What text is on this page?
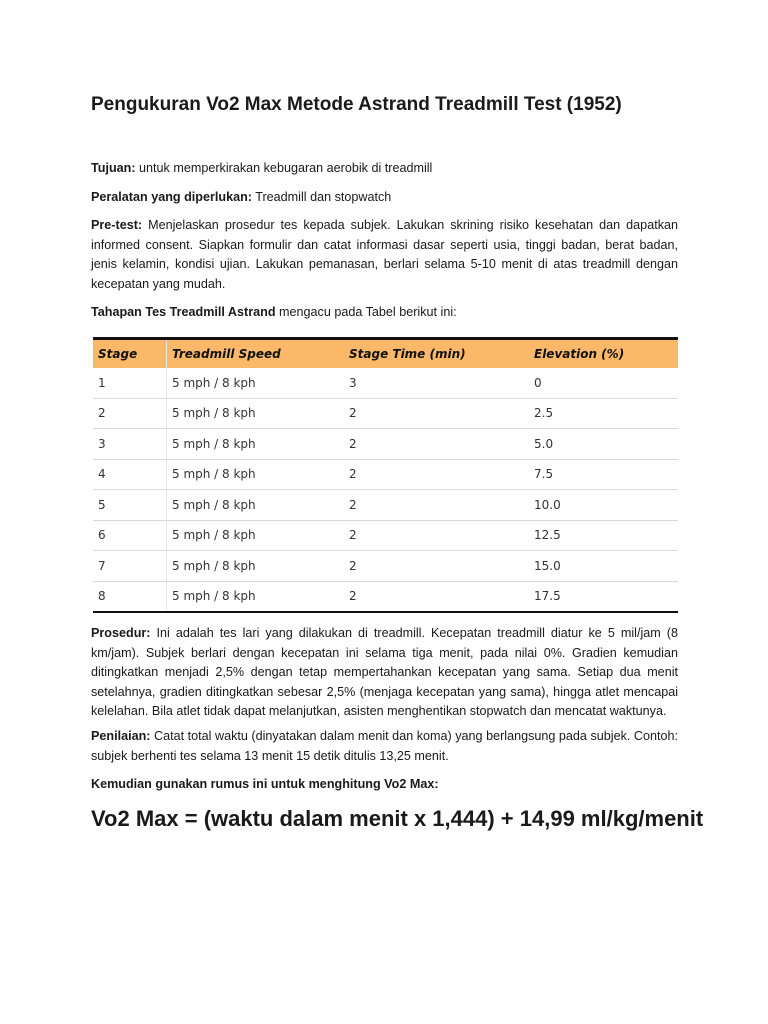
Pengukuran Vo2 Max Metode Astrand Treadmill Test (1952)

Tujuan: untuk memperkirakan kebugaran aerobik di treadmill

Peralatan yang diperlukan: Treadmill dan stopwatch

Pre-test: Menjelaskan prosedur tes kepada subjek. Lakukan skrining risiko kesehatan dan dapatkan informed consent. Siapkan formulir dan catat informasi dasar seperti usia, tinggi badan, berat badan, jenis kelamin, kondisi ujian. Lakukan pemanasan, berlari selama 5-10 menit di atas treadmill dengan kecepatan yang mudah.

Tahapan Tes Treadmill Astrand mengacu pada Tabel berikut ini:

Stage	Treadmill Speed	Stage Time (min)	Elevation (%)
1	5 mph / 8 kph	3	0
2	5 mph / 8 kph	2	2.5
3	5 mph / 8 kph	2	5.0
4	5 mph / 8 kph	2	7.5
5	5 mph / 8 kph	2	10.0
6	5 mph / 8 kph	2	12.5
7	5 mph / 8 kph	2	15.0
8	5 mph / 8 kph	2	17.5

Prosedur: Ini adalah tes lari yang dilakukan di treadmill. Kecepatan treadmill diatur ke 5 mil/jam (8 km/jam). Subjek berlari dengan kecepatan ini selama tiga menit, pada nilai 0%. Gradien kemudian ditingkatkan menjadi 2,5% dengan tetap mempertahankan kecepatan yang sama. Setiap dua menit setelahnya, gradien ditingkatkan sebesar 2,5% (menjaga kecepatan yang sama), hingga atlet mencapai kelelahan. Bila atlet tidak dapat melanjutkan, asisten menghentikan stopwatch dan mencatat waktunya.

Penilaian: Catat total waktu (dinyatakan dalam menit dan koma) yang berlangsung pada subjek. Contoh: subjek berhenti tes selama 13 menit 15 detik ditulis 13,25 menit.

Kemudian gunakan rumus ini untuk menghitung Vo2 Max:

Vo2 Max = (waktu dalam menit x 1,444) + 14,99 ml/kg/menit
